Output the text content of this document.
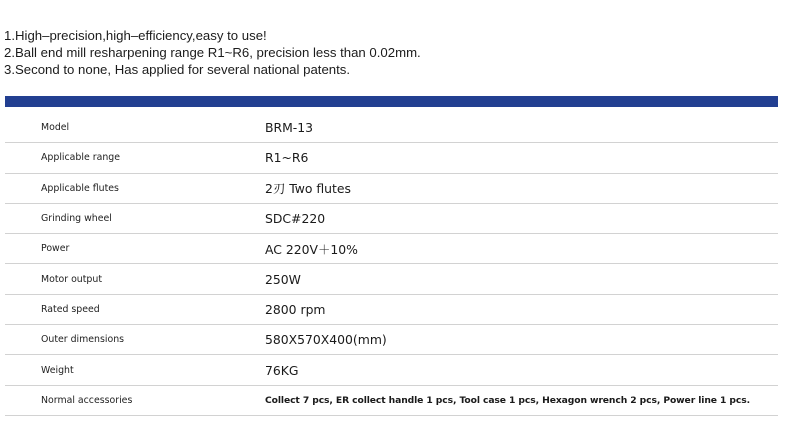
1.High–precision,high–efficiency,easy to use!
2.Ball end mill resharpening range R1~R6, precision less than 0.02mm.
3.Second to none, Has applied for several national patents.
Model	BRM-13
Applicable range	R1~R6
Applicable flutes	2刃 Two flutes
Grinding wheel	SDC#220
Power	AC 220V＋10%
Motor output	250W
Rated speed	2800 rpm
Outer dimensions	580X570X400(mm)
Weight	76KG
Normal accessories	Collect 7 pcs, ER collect handle 1 pcs, Tool case 1 pcs, Hexagon wrench 2 pcs, Power line 1 pcs.
